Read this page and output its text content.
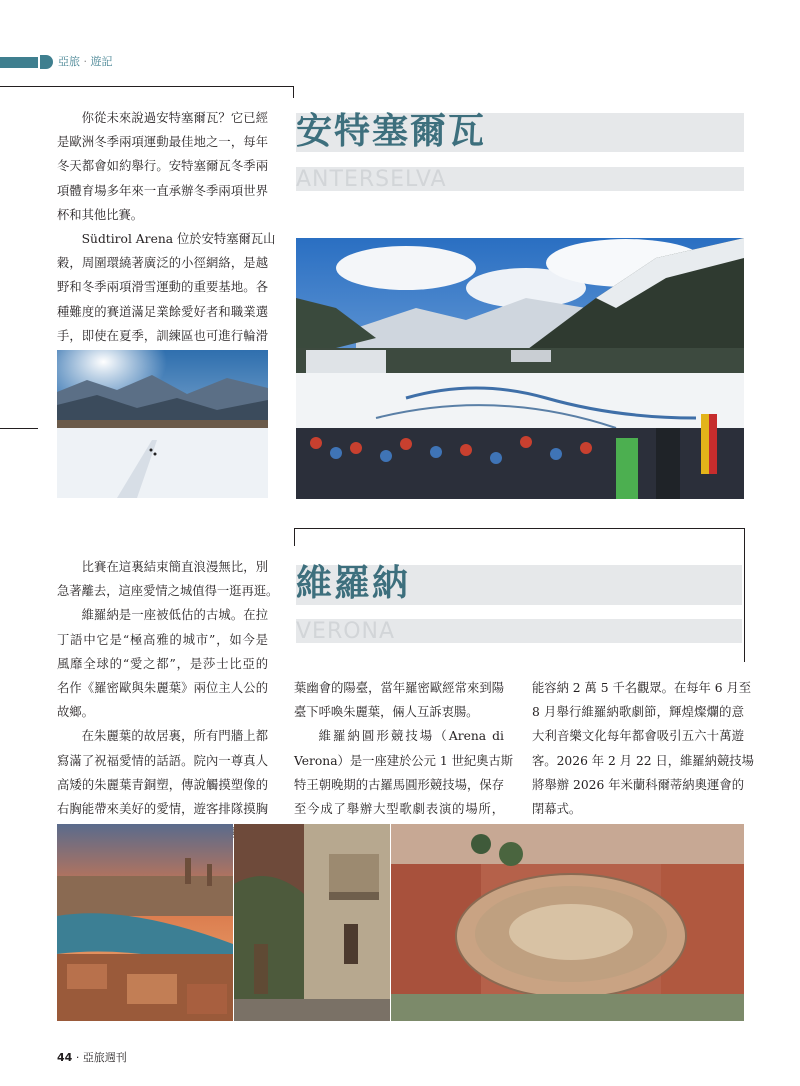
亞旅 · 遊記
安特塞爾瓦
ANTERSELVA
你從未來說過安特塞爾瓦？它已經
是歐洲冬季兩項運動最佳地之一，每年
冬天都會如約舉行。安特塞爾瓦冬季兩
項體育場多年來一直承辦冬季兩項世界
杯和其他比賽。
Südtirol Arena 位於安特塞爾瓦山
穀，周圍環繞著廣泛的小徑網絡，是越
野和冬季兩項滑雪運動的重要基地。各
種難度的賽道滿足業餘愛好者和職業選
手，即使在夏季，訓練區也可進行輪滑
維羅納
VERONA
比賽在這裏結束簡直浪漫無比，別
急著離去，這座愛情之城值得一逛再逛。
維羅納是一座被低估的古城。在拉
丁語中它是“極高雅的城市”，如今是
風靡全球的“愛之都”，是莎士比亞的
名作《羅密歐與朱麗葉》兩位主人公的
故鄉。
在朱麗葉的故居裏，所有門牆上都
寫滿了祝福愛情的話語。院內一尊真人
高矮的朱麗葉青銅塑，傳說觸摸塑像的
右胸能帶來美好的愛情，遊客排隊摸胸
葉幽會的陽臺，當年羅密歐經常來到陽
臺下呼喚朱麗葉，倆人互訴衷腸。
維羅納圓形競技場（Arena di
Verona）是一座建於公元 1 世紀奧古斯
特王朝晚期的古羅馬圓形競技場，保存
至今成了舉辦大型歌劇表演的場所，
能容納 2 萬 5 千名觀眾。在每年 6 月至
8 月舉行維羅納歌劇節，輝煌燦爛的意
大利音樂文化每年都會吸引五六十萬遊
客。2026 年 2 月 22 日，維羅納競技場
將舉辦 2026 年米蘭科爾蒂納奧運會的
閉幕式。
44 · 亞旅週刊
